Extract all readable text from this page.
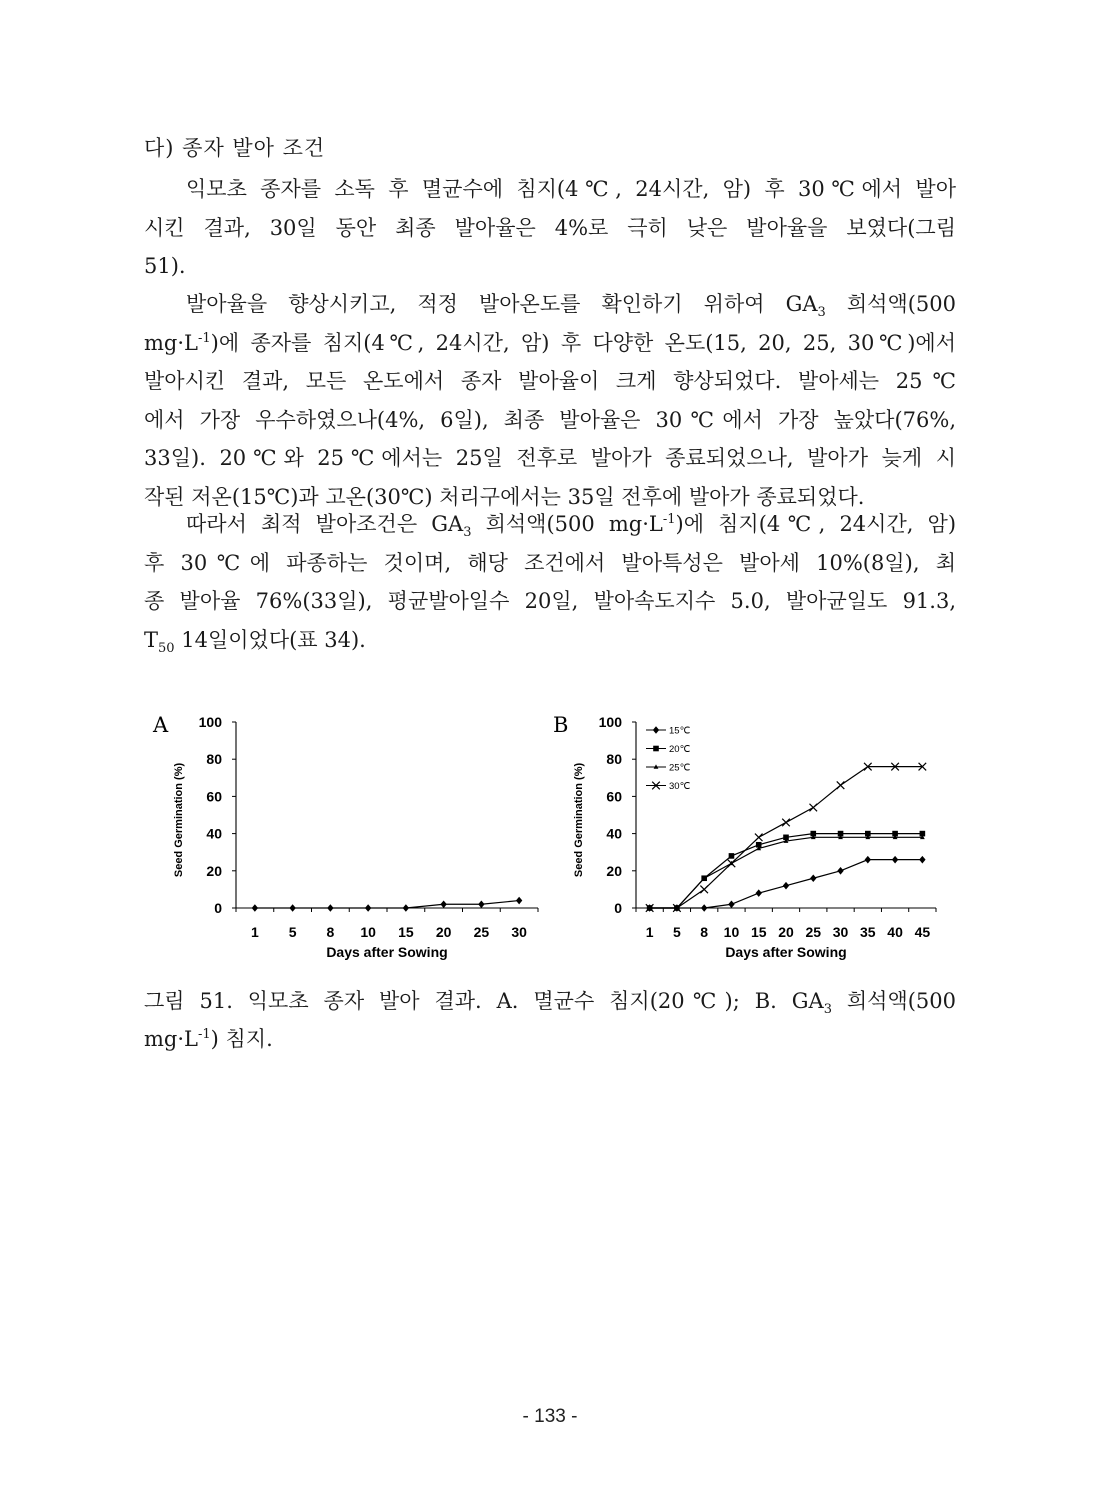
다) 종자 발아 조건
익모초 종자를 소독 후 멸균수에 침지(4℃, 24시간, 암) 후 30℃에서 발아
시킨 결과, 30일 동안 최종 발아율은 4%로 극히 낮은 발아율을 보였다(그림
51).
발아율을 향상시키고, 적정 발아온도를 확인하기 위하여 $GA_3$ 희석액(500
$mg\cdot L^{-1}$)에 종자를 침지(4℃, 24시간, 암) 후 다양한 온도(15, 20, 25, 30℃)에서
발아시킨 결과, 모든 온도에서 종자 발아율이 크게 향상되었다. 발아세는 25℃
에서 가장 우수하였으나(4%, 6일), 최종 발아율은 30℃에서 가장 높았다(76%,
33일). 20℃와 25℃에서는 25일 전후로 발아가 종료되었으나, 발아가 늦게 시
작된 저온(15℃)과 고온(30℃) 처리구에서는 35일 전후에 발아가 종료되었다.
따라서 최적 발아조건은 $GA_3$ 희석액(500 $mg\cdot L^{-1}$)에 침지(4℃, 24시간, 암)
후 30℃에 파종하는 것이며, 해당 조건에서 발아특성은 발아세 10%(8일), 최
종 발아율 76%(33일), 평균발아일수 20일, 발아속도지수 5.0, 발아균일도 91.3,
$T_{50}$ 14일이었다(표 34).
A
0
20
40
60
80
100
1 5 8 10 15 20 25 30
Days after Sowing
Seed Germination (%)
B
0
20
40
60
80
100
1 5 8 10 15 20 25 30 35 40 45
Days after Sowing
Seed Germination (%)
15℃
20℃
25℃
30℃
그림 51. 익모초 종자 발아 결과. A. 멸균수 침지(20℃); B. $GA_3$ 희석액(500
$mg\cdot L^{-1}$) 침지.
- 133 -
